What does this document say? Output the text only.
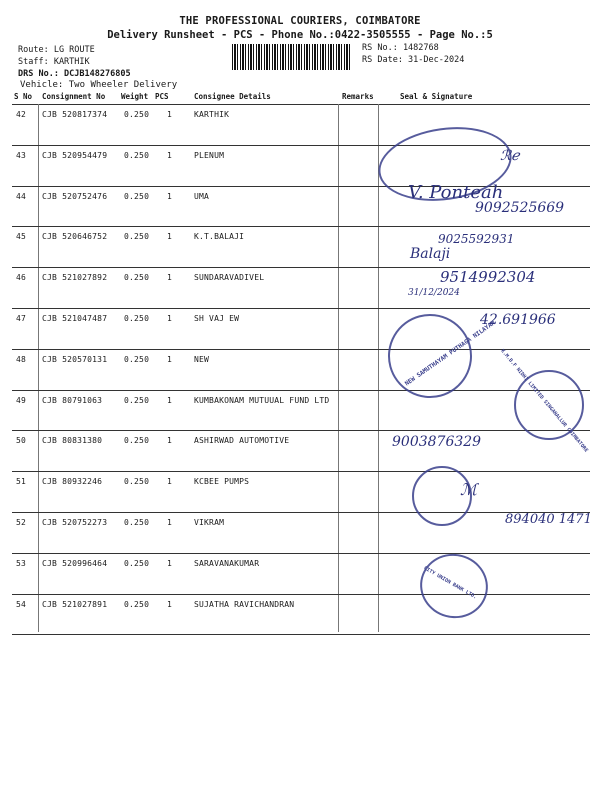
THE PROFESSIONAL COURIERS, COIMBATORE
Delivery Runsheet - PCS - Phone No.:0422-3505555 - Page No.:5
Route: LG ROUTE
Staff: KARTHIK
DRS No.: DCJB148276805
Vehicle: Two Wheeler Delivery
RS No.: 1482768
RS Date: 31-Dec-2024
S No Consignment No Weight PCS	Consignee Details	Remarks	Seal & Signature
42 CJB 520817374 0.250 1	KARTHIK
43 CJB 520954479 0.250 1	PLENUM
44 CJB 520752476 0.250 1	UMA
45 CJB 520646752 0.250 1	K.T.BALAJI
46 CJB 521027892 0.250 1	SUNDARAVADIVEL
47 CJB 521047487 0.250 1	SH VAJ EW
48 CJB 520570131 0.250 1	NEW
49 CJB 80791063	0.250 1	KUMBAKONAM MUTUUAL FUND LTD
50 CJB 80831380	0.250 1	ASHIRWAD AUTOMOTIVE
51 CJB 80932246	0.250 1	KCBEE PUMPS
52 CJB 520752273 0.250 1	VIKRAM
53 CJB 520996464 0.250 1	SARAVANAKUMAR
54 CJB 521027891 0.250 1	SUJATHA RAVICHANDRAN
ℛℯ
V. Ponteah
9092525669
9025592931
Balaji
9514992304
31/12/2024
42.691966
NEW SAMUTHAYAM PUTHAGA NILAYAM K.M.B.F NIDHI LIMITED SINGANALLUR COIMBATORE
9003876329
ℳ
894040 1471
CITY UNION BANK LTD.
